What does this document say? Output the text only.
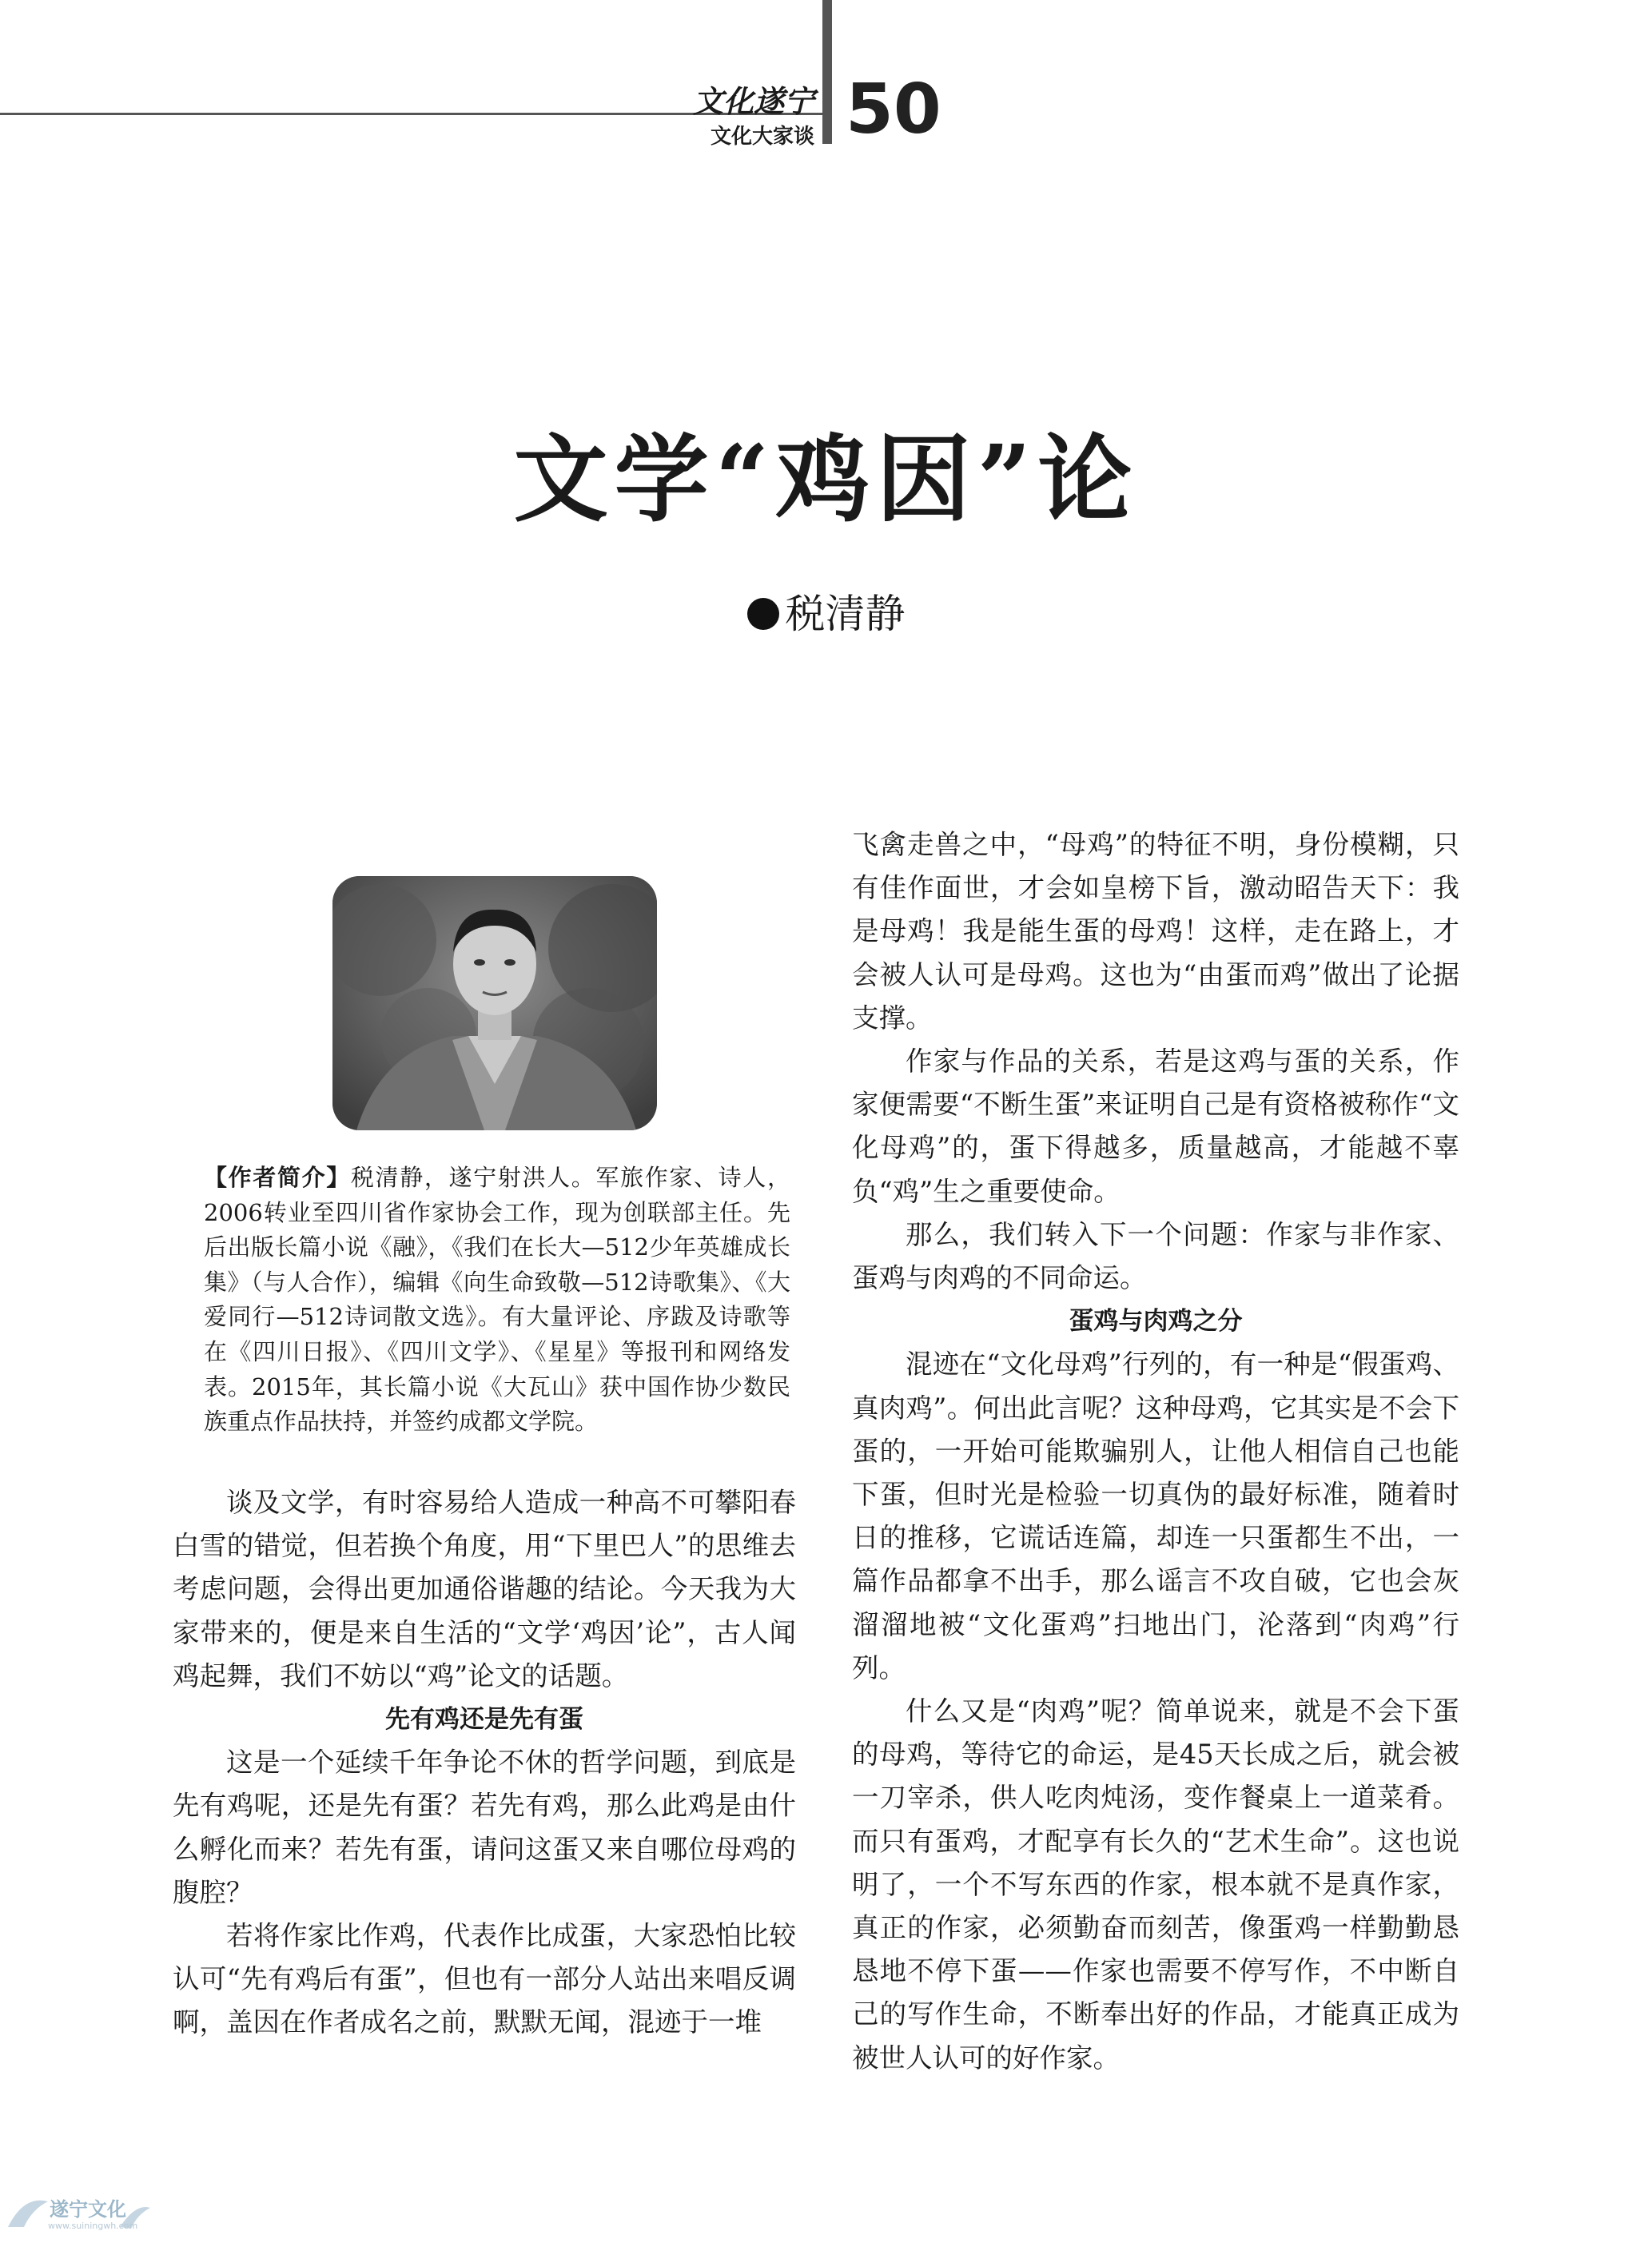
文化遂宁
文化大家谈 50
文学“鸡因”论
税清静
【作者简介】税清静，遂宁射洪人。军旅作家、诗人，2006转业至四川省作家协会工作，现为创联部主任。先后出版长篇小说《融》，《我们在长大—512少年英雄成长集》（与人合作），编辑《向生命致敬—512诗歌集》、《大爱同行—512诗词散文选》。有大量评论、序跋及诗歌等在《四川日报》、《四川文学》、《星星》等报刊和网络发表。2015年，其长篇小说《大瓦山》获中国作协少数民族重点作品扶持，并签约成都文学院。

谈及文学，有时容易给人造成一种高不可攀阳春白雪的错觉，但若换个角度，用“下里巴人”的思维去考虑问题，会得出更加通俗谐趣的结论。今天我为大家带来的，便是来自生活的“文学‘鸡因’论”，古人闻鸡起舞，我们不妨以“鸡”论文的话题。

先有鸡还是先有蛋

这是一个延续千年争论不休的哲学问题，到底是先有鸡呢，还是先有蛋？若先有鸡，那么此鸡是由什么孵化而来？若先有蛋，请问这蛋又来自哪位母鸡的腹腔？

若将作家比作鸡，代表作比成蛋，大家恐怕比较认可“先有鸡后有蛋”，但也有一部分人站出来唱反调啊，盖因在作者成名之前，默默无闻，混迹于一堆

飞禽走兽之中，“母鸡”的特征不明，身份模糊，只有佳作面世，才会如皇榜下旨，激动昭告天下：我是母鸡！我是能生蛋的母鸡！这样，走在路上，才会被人认可是母鸡。这也为“由蛋而鸡”做出了论据支撑。

作家与作品的关系，若是这鸡与蛋的关系，作家便需要“不断生蛋”来证明自己是有资格被称作“文化母鸡”的，蛋下得越多，质量越高，才能越不辜负“鸡”生之重要使命。

那么，我们转入下一个问题：作家与非作家、蛋鸡与肉鸡的不同命运。

蛋鸡与肉鸡之分

混迹在“文化母鸡”行列的，有一种是“假蛋鸡、真肉鸡”。何出此言呢？这种母鸡，它其实是不会下蛋的，一开始可能欺骗别人，让他人相信自己也能下蛋，但时光是检验一切真伪的最好标准，随着时日的推移，它谎话连篇，却连一只蛋都生不出，一篇作品都拿不出手，那么谣言不攻自破，它也会灰溜溜地被“文化蛋鸡”扫地出门，沦落到“肉鸡”行列。

什么又是“肉鸡”呢？简单说来，就是不会下蛋的母鸡，等待它的命运，是45天长成之后，就会被一刀宰杀，供人吃肉炖汤，变作餐桌上一道菜肴。而只有蛋鸡，才配享有长久的“艺术生命”。这也说明了，一个不写东西的作家，根本就不是真作家，真正的作家，必须勤奋而刻苦，像蛋鸡一样勤勤恳恳地不停下蛋——作家也需要不停写作，不中断自己的写作生命，不断奉出好的作品，才能真正成为被世人认可的好作家。

遂宁文化
www.suiningwh.com
